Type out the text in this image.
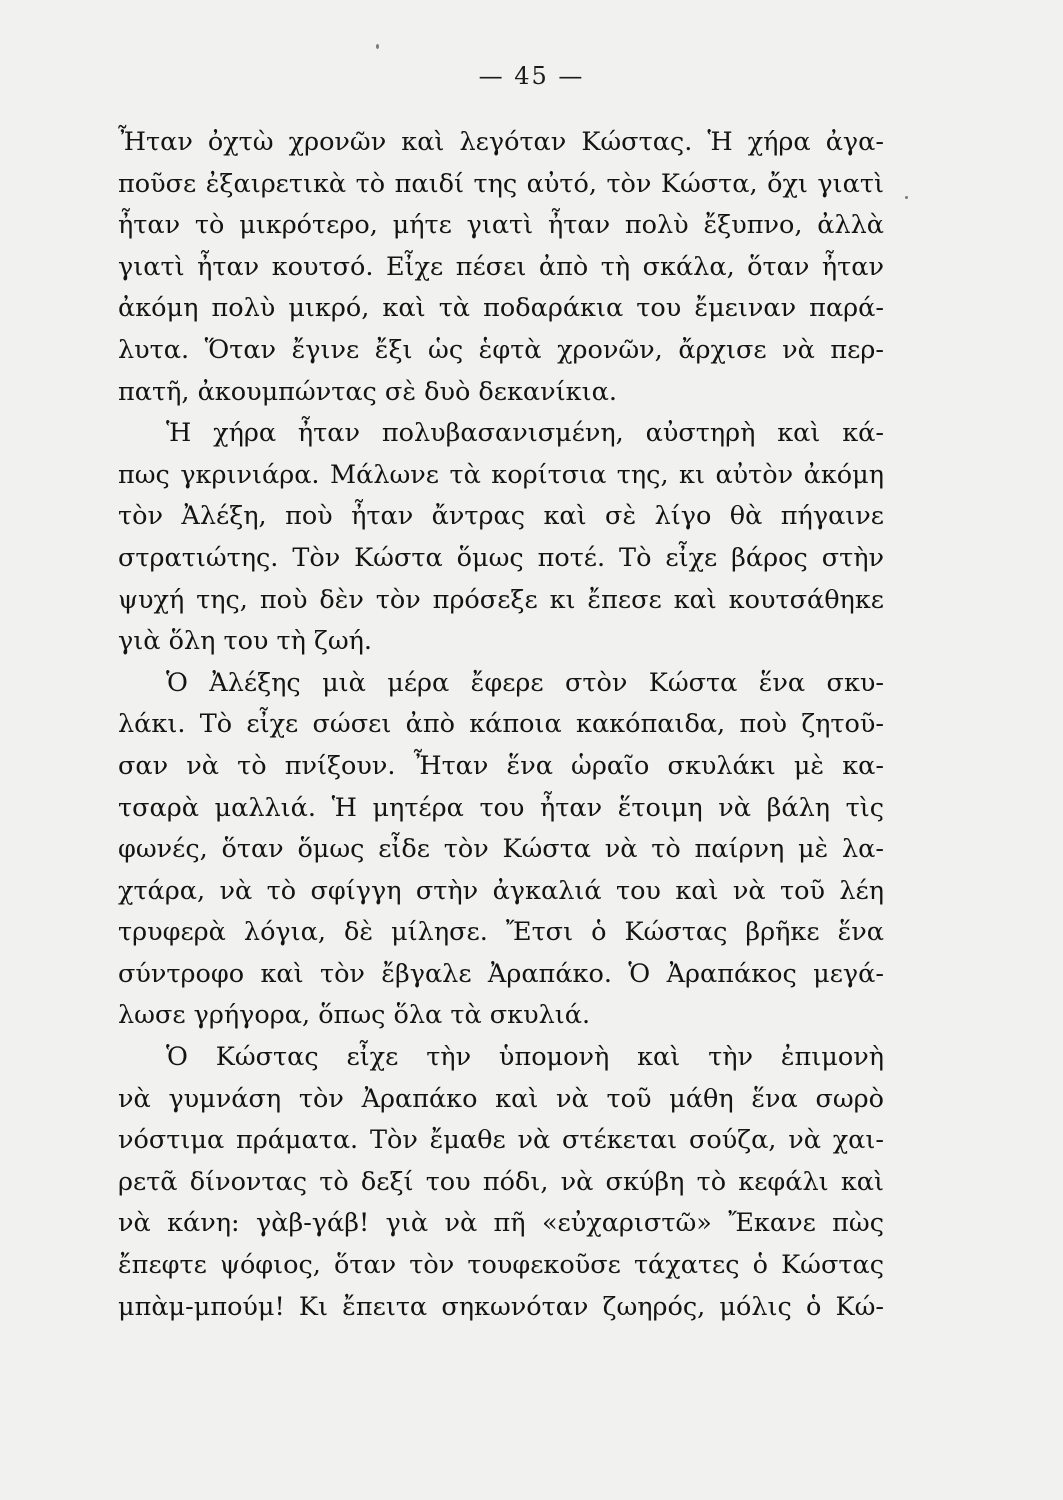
— 45 —
Ἦταν ὀχτὼ χρονῶν καὶ λεγόταν Κώστας. Ἡ χήρα ἀγα-
ποῦσε ἐξαιρετικὰ τὸ παιδί της αὐτό, τὸν Κώστα, ὄχι γιατὶ
ἦταν τὸ μικρότερο, μήτε γιατὶ ἦταν πολὺ ἔξυπνο, ἀλλὰ
γιατὶ ἦταν κουτσό. Εἶχε πέσει ἀπὸ τὴ σκάλα, ὅταν ἦταν
ἀκόμη πολὺ μικρό, καὶ τὰ ποδαράκια του ἔμειναν παρά-
λυτα. Ὅταν ἔγινε ἔξι ὡς ἑφτὰ χρονῶν, ἄρχισε νὰ περ-
πατῆ, ἀκουμπώντας σὲ δυὸ δεκανίκια.
Ἡ χήρα ἦταν πολυβασανισμένη, αὐστηρὴ καὶ κά-
πως γκρινιάρα. Μάλωνε τὰ κορίτσια της, κι αὐτὸν ἀκόμη
τὸν Ἀλέξη, ποὺ ἦταν ἄντρας καὶ σὲ λίγο θὰ πήγαινε
στρατιώτης. Τὸν Κώστα ὅμως ποτέ. Τὸ εἶχε βάρος στὴν
ψυχή της, ποὺ δὲν τὸν πρόσεξε κι ἔπεσε καὶ κουτσάθηκε
γιὰ ὅλη του τὴ ζωή.
Ὁ Ἀλέξης μιὰ μέρα ἔφερε στὸν Κώστα ἕνα σκυ-
λάκι. Τὸ εἶχε σώσει ἀπὸ κάποια κακόπαιδα, ποὺ ζητοῦ-
σαν νὰ τὸ πνίξουν. Ἦταν ἕνα ὡραῖο σκυλάκι μὲ κα-
τσαρὰ μαλλιά. Ἡ μητέρα του ἦταν ἕτοιμη νὰ βάλη τὶς
φωνές, ὅταν ὅμως εἶδε τὸν Κώστα νὰ τὸ παίρνη μὲ λα-
χτάρα, νὰ τὸ σφίγγη στὴν ἀγκαλιά του καὶ νὰ τοῦ λέη
τρυφερὰ λόγια, δὲ μίλησε. Ἔτσι ὁ Κώστας βρῆκε ἕνα
σύντροφο καὶ τὸν ἔβγαλε Ἀραπάκο. Ὁ Ἀραπάκος μεγά-
λωσε γρήγορα, ὅπως ὅλα τὰ σκυλιά.
Ὁ Κώστας εἶχε τὴν ὑπομονὴ καὶ τὴν ἐπιμονὴ
νὰ γυμνάση τὸν Ἀραπάκο καὶ νὰ τοῦ μάθη ἕνα σωρὸ
νόστιμα πράματα. Τὸν ἔμαθε νὰ στέκεται σούζα, νὰ χαι-
ρετᾶ δίνοντας τὸ δεξί του πόδι, νὰ σκύβη τὸ κεφάλι καὶ
νὰ κάνη: γὰβ-γάβ! γιὰ νὰ πῆ «εὐχαριστῶ» Ἔκανε πὼς
ἔπεφτε ψόφιος, ὅταν τὸν τουφεκοῦσε τάχατες ὁ Κώστας
μπὰμ-μπούμ! Κι ἔπειτα σηκωνόταν ζωηρός, μόλις ὁ Κώ-
